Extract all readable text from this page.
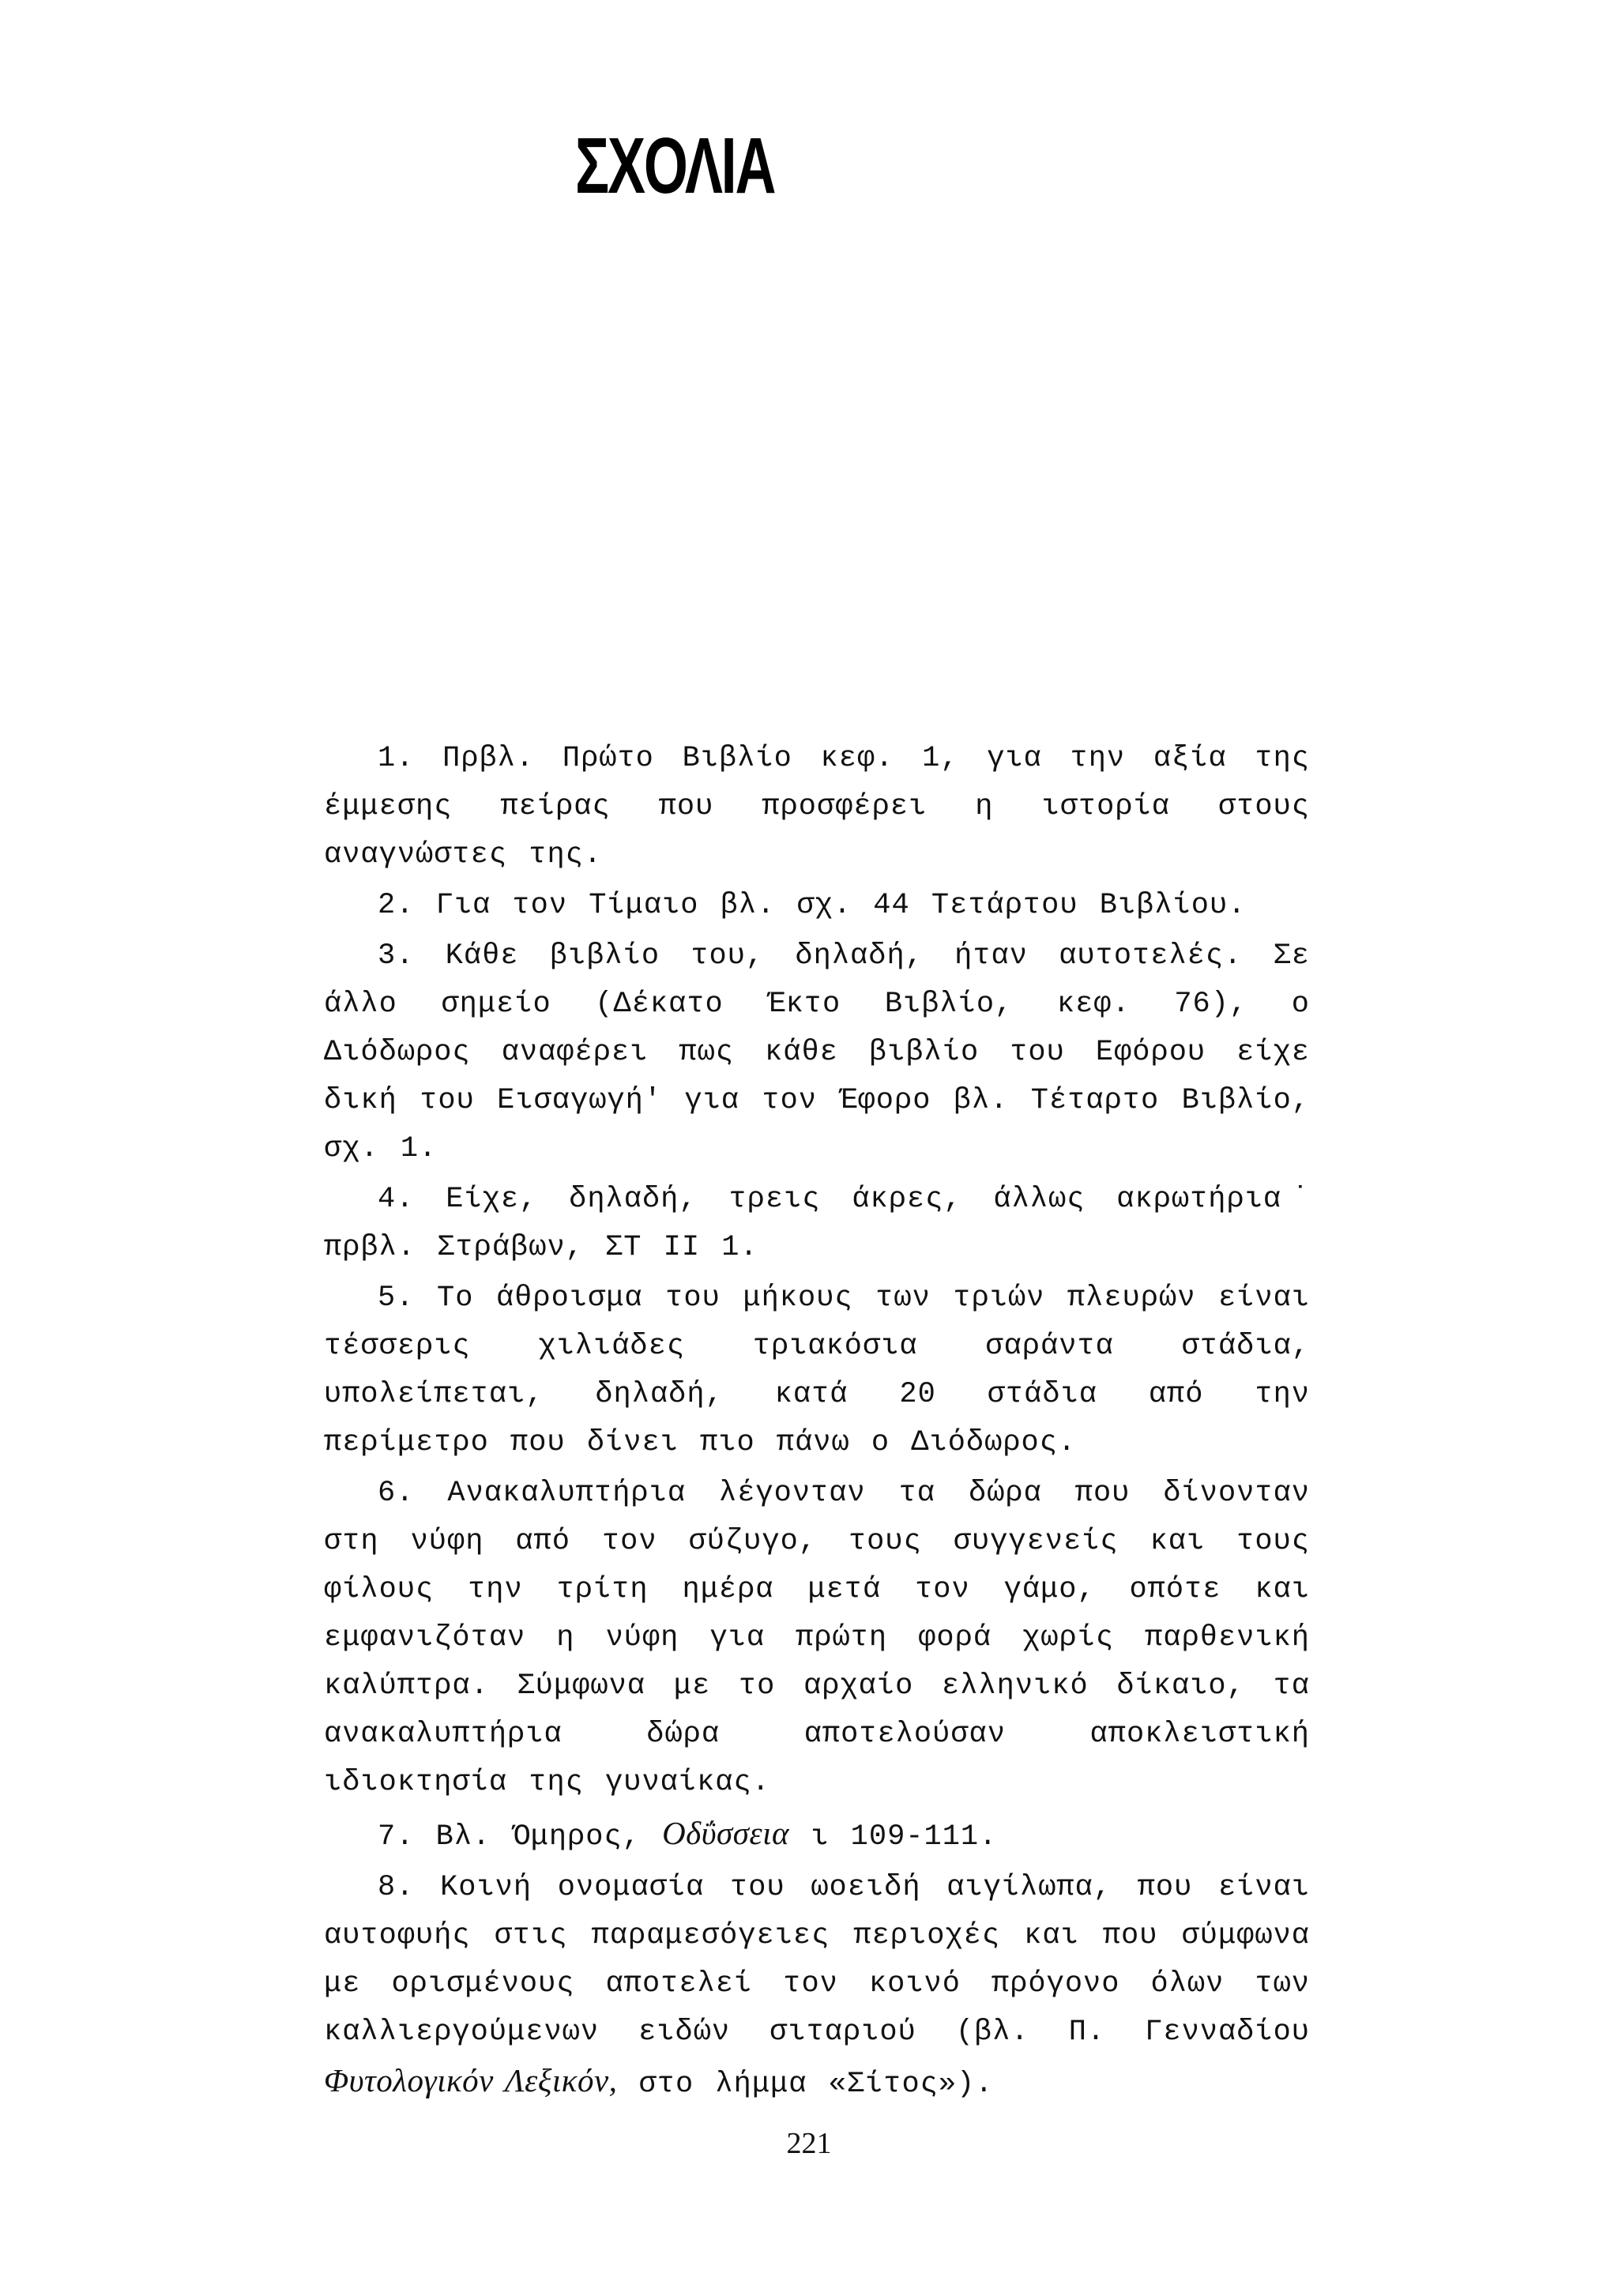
ΣΧΟΛΙΑ

1. Πρβλ. Πρώτο Βιβλίο κεφ. 1, για την αξία της έμμεσης πείρας που προσφέρει η ιστορία στους αναγνώστες της.

2. Για τον Τίμαιο βλ. σχ. 44 Τετάρτου Βιβλίου.

3. Κάθε βιβλίο του, δηλαδή, ήταν αυτοτελές. Σε άλλο σημείο (Δέκατο Έκτο Βιβλίο, κεφ. 76), ο Διόδωρος αναφέρει πως κάθε βιβλίο του Εφόρου είχε δική του Εισαγωγή' για τον Έφορο βλ. Τέταρτο Βιβλίο, σχ. 1.

4. Είχε, δηλαδή, τρεις άκρες, άλλως ακρωτήρια˙ πρβλ. Στράβων, ΣΤ ΙΙ 1.

5. Το άθροισμα του μήκους των τριών πλευρών είναι τέσσερις χιλιάδες τριακόσια σαράντα στάδια, υπολείπεται, δηλαδή, κατά 20 στάδια από την περίμετρο που δίνει πιο πάνω ο Διόδωρος.

6. Ανακαλυπτήρια λέγονταν τα δώρα που δίνονταν στη νύφη από τον σύζυγο, τους συγγενείς και τους φίλους την τρίτη ημέρα μετά τον γάμο, οπότε και εμφανιζόταν η νύφη για πρώτη φορά χωρίς παρθενική καλύπτρα. Σύμφωνα με το αρχαίο ελληνικό δίκαιο, τα ανακαλυπτήρια δώρα αποτελούσαν αποκλειστική ιδιοκτησία της γυναίκας.

7. Βλ. Όμηρος, Οδΰσσεια ι 109-111.

8. Κοινή ονομασία του ωοειδή αιγίλωπα, που είναι αυτοφυής στις παραμεσόγειες περιοχές και που σύμφωνα με ορισμένους αποτελεί τον κοινό πρόγονο όλων των καλλιεργούμενων ειδών σιταριού (βλ. Π. Γενναδίου Φυτολογικόν Λεξικόν, στο λήμμα «Σίτος»).

221
